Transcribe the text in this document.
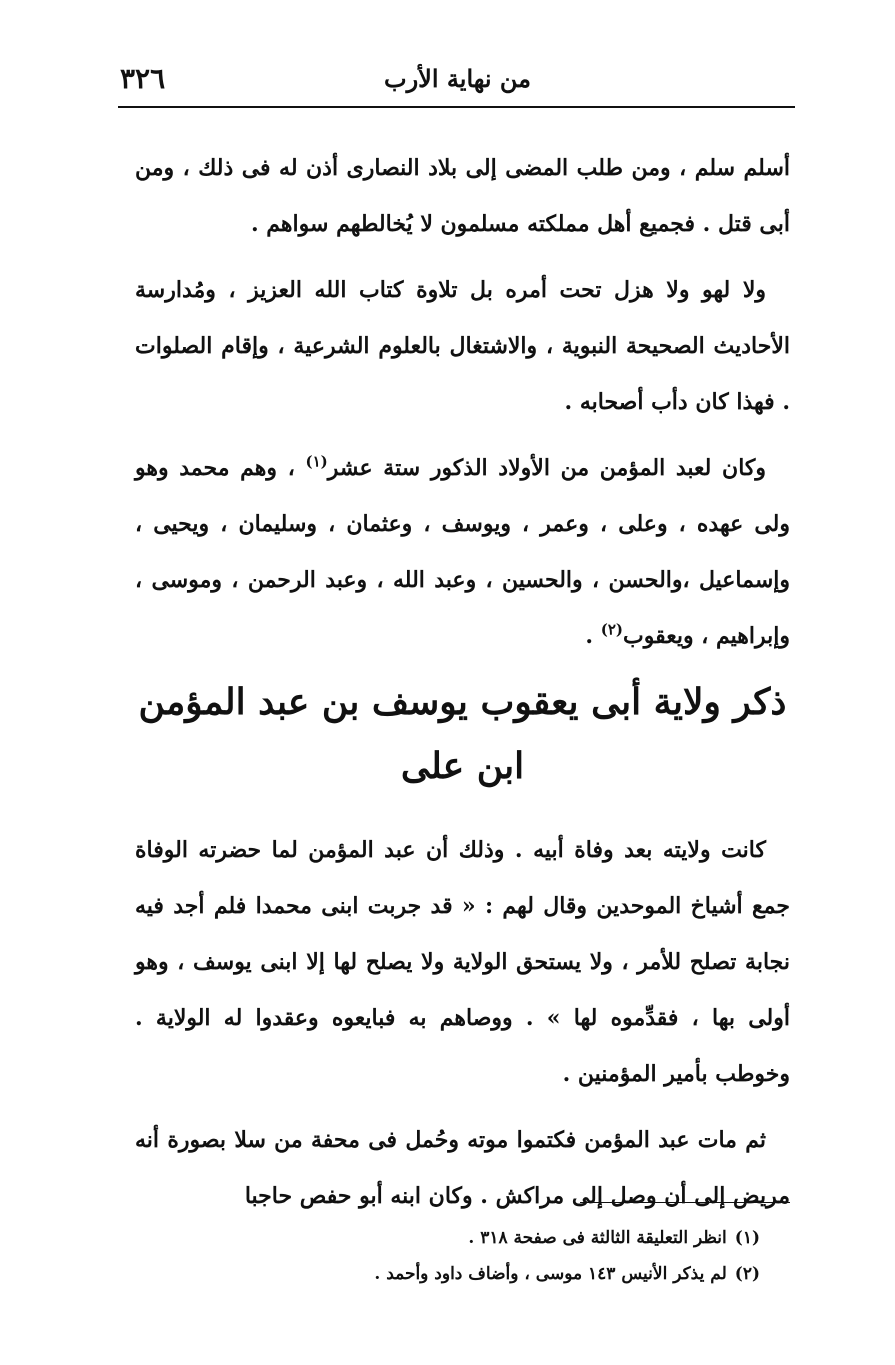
٣٢٦	من نهاية الأرب

أسلم سلم ، ومن طلب المضى إلى بلاد النصارى أذن له فى ذلك ، ومن أبى قتل . فجميع أهل مملكته مسلمون لا يُخالطهم سواهم .

ولا لهو ولا هزل تحت أمره بل تلاوة كتاب الله العزيز ، ومُدارسة الأحاديث الصحيحة النبوية ، والاشتغال بالعلوم الشرعية ، وإقام الصلوات . فهذا كان دأب أصحابه .

وكان لعبد المؤمن من الأولاد الذكور ستة عشر$^{(١)}$ ، وهم محمد وهو ولى عهده ، وعلى ، وعمر ، ويوسف ، وعثمان ، وسليمان ، ويحيى ، وإسماعيل ،والحسن ، والحسين ، وعبد الله ، وعبد الرحمن ، وموسى ، وإبراهيم ، ويعقوب$^{(٢)}$ .

ذكر ولاية أبى يعقوب يوسف بن عبد المؤمن
ابن على

كانت ولايته بعد وفاة أبيه . وذلك أن عبد المؤمن لما حضرته الوفاة جمع أشياخ الموحدين وقال لهم : « قد جربت ابنى محمدا فلم أجد فيه نجابة تصلح للأمر ، ولا يستحق الولاية ولا يصلح لها إلا ابنى يوسف ، وهو أولى بها ، فقدِّموه لها » . ووصاهم به فبايعوه وعقدوا له الولاية . وخوطب بأمير المؤمنين .

ثم مات عبد المؤمن فكتموا موته وحُمل فى محفة من سلا بصورة أنه مريض إلى أن وصل إلى مراكش . وكان ابنه أبو حفص حاجبا

(١)انظر التعليقة الثالثة فى صفحة ٣١٨ .

(٢)لم يذكر الأنيس ١٤٣ موسى ، وأضاف داود وأحمد .
